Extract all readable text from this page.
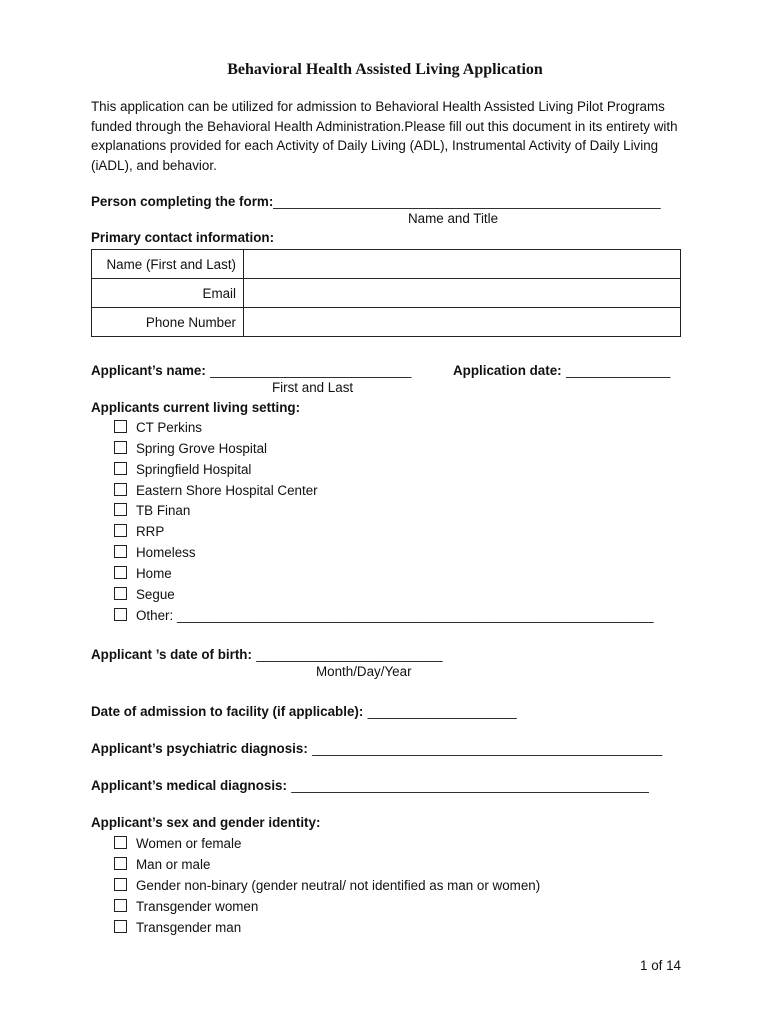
Behavioral Health Assisted Living Application
This application can be utilized for admission to Behavioral Health Assisted Living Pilot Programs funded through the Behavioral Health Administration.Please fill out this document in its entirety with explanations provided for each Activity of Daily Living (ADL), Instrumental Activity of Daily Living (iADL), and behavior.
Person completing the form:____________________________________________________
Name and Title
Primary contact information:
Name (First and Last)	
Email	
Phone Number	
Applicant’s name: ___________________________	Application date: ______________
First and Last
Applicants current living setting:
CT Perkins
Spring Grove Hospital
Springfield Hospital
Eastern Shore Hospital Center
TB Finan
RRP
Homeless
Home
Segue
Other: ________________________________________________________________
Applicant ’s date of birth: _________________________
Month/Day/Year
Date of admission to facility (if applicable): ____________________
Applicant’s psychiatric diagnosis: _______________________________________________
Applicant’s medical diagnosis: ________________________________________________
Applicant’s sex and gender identity:
Women or female
Man or male
Gender non-binary (gender neutral/ not identified as man or women)
Transgender women
Transgender man
1 of 14
